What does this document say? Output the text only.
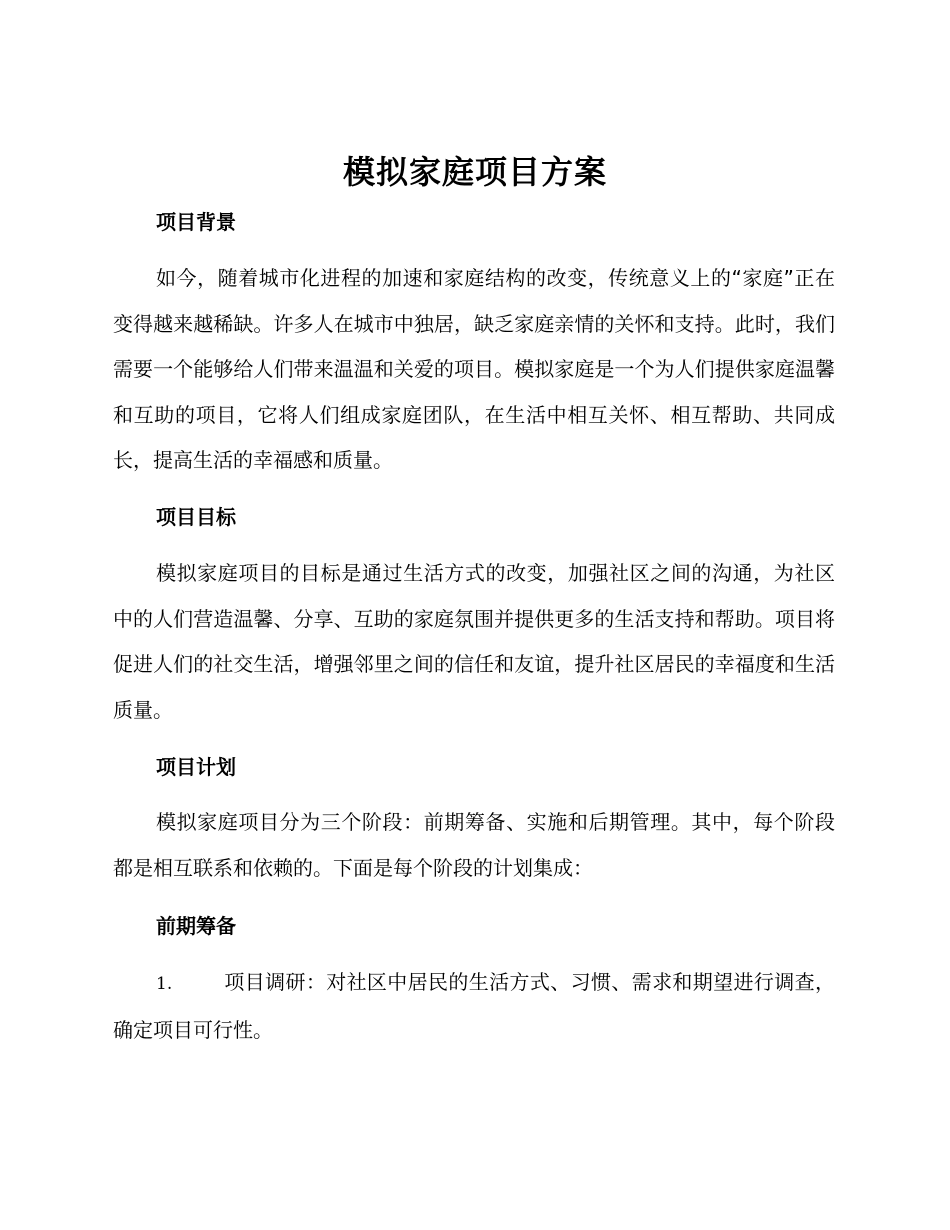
模拟家庭项目方案
项目背景

如今，随着城市化进程的加速和家庭结构的改变，传统意义上的“家庭”正在变得越来越稀缺。许多人在城市中独居，缺乏家庭亲情的关怀和支持。此时，我们需要一个能够给人们带来温温和关爱的项目。模拟家庭是一个为人们提供家庭温馨和互助的项目，它将人们组成家庭团队，在生活中相互关怀、相互帮助、共同成长，提高生活的幸福感和质量。

项目目标

模拟家庭项目的目标是通过生活方式的改变，加强社区之间的沟通，为社区中的人们营造温馨、分享、互助的家庭氛围并提供更多的生活支持和帮助。项目将促进人们的社交生活，增强邻里之间的信任和友谊，提升社区居民的幸福度和生活质量。

项目计划

模拟家庭项目分为三个阶段：前期筹备、实施和后期管理。其中，每个阶段都是相互联系和依赖的。下面是每个阶段的计划集成：

前期筹备

1.	项目调研：对社区中居民的生活方式、习惯、需求和期望进行调查，确定项目可行性。
